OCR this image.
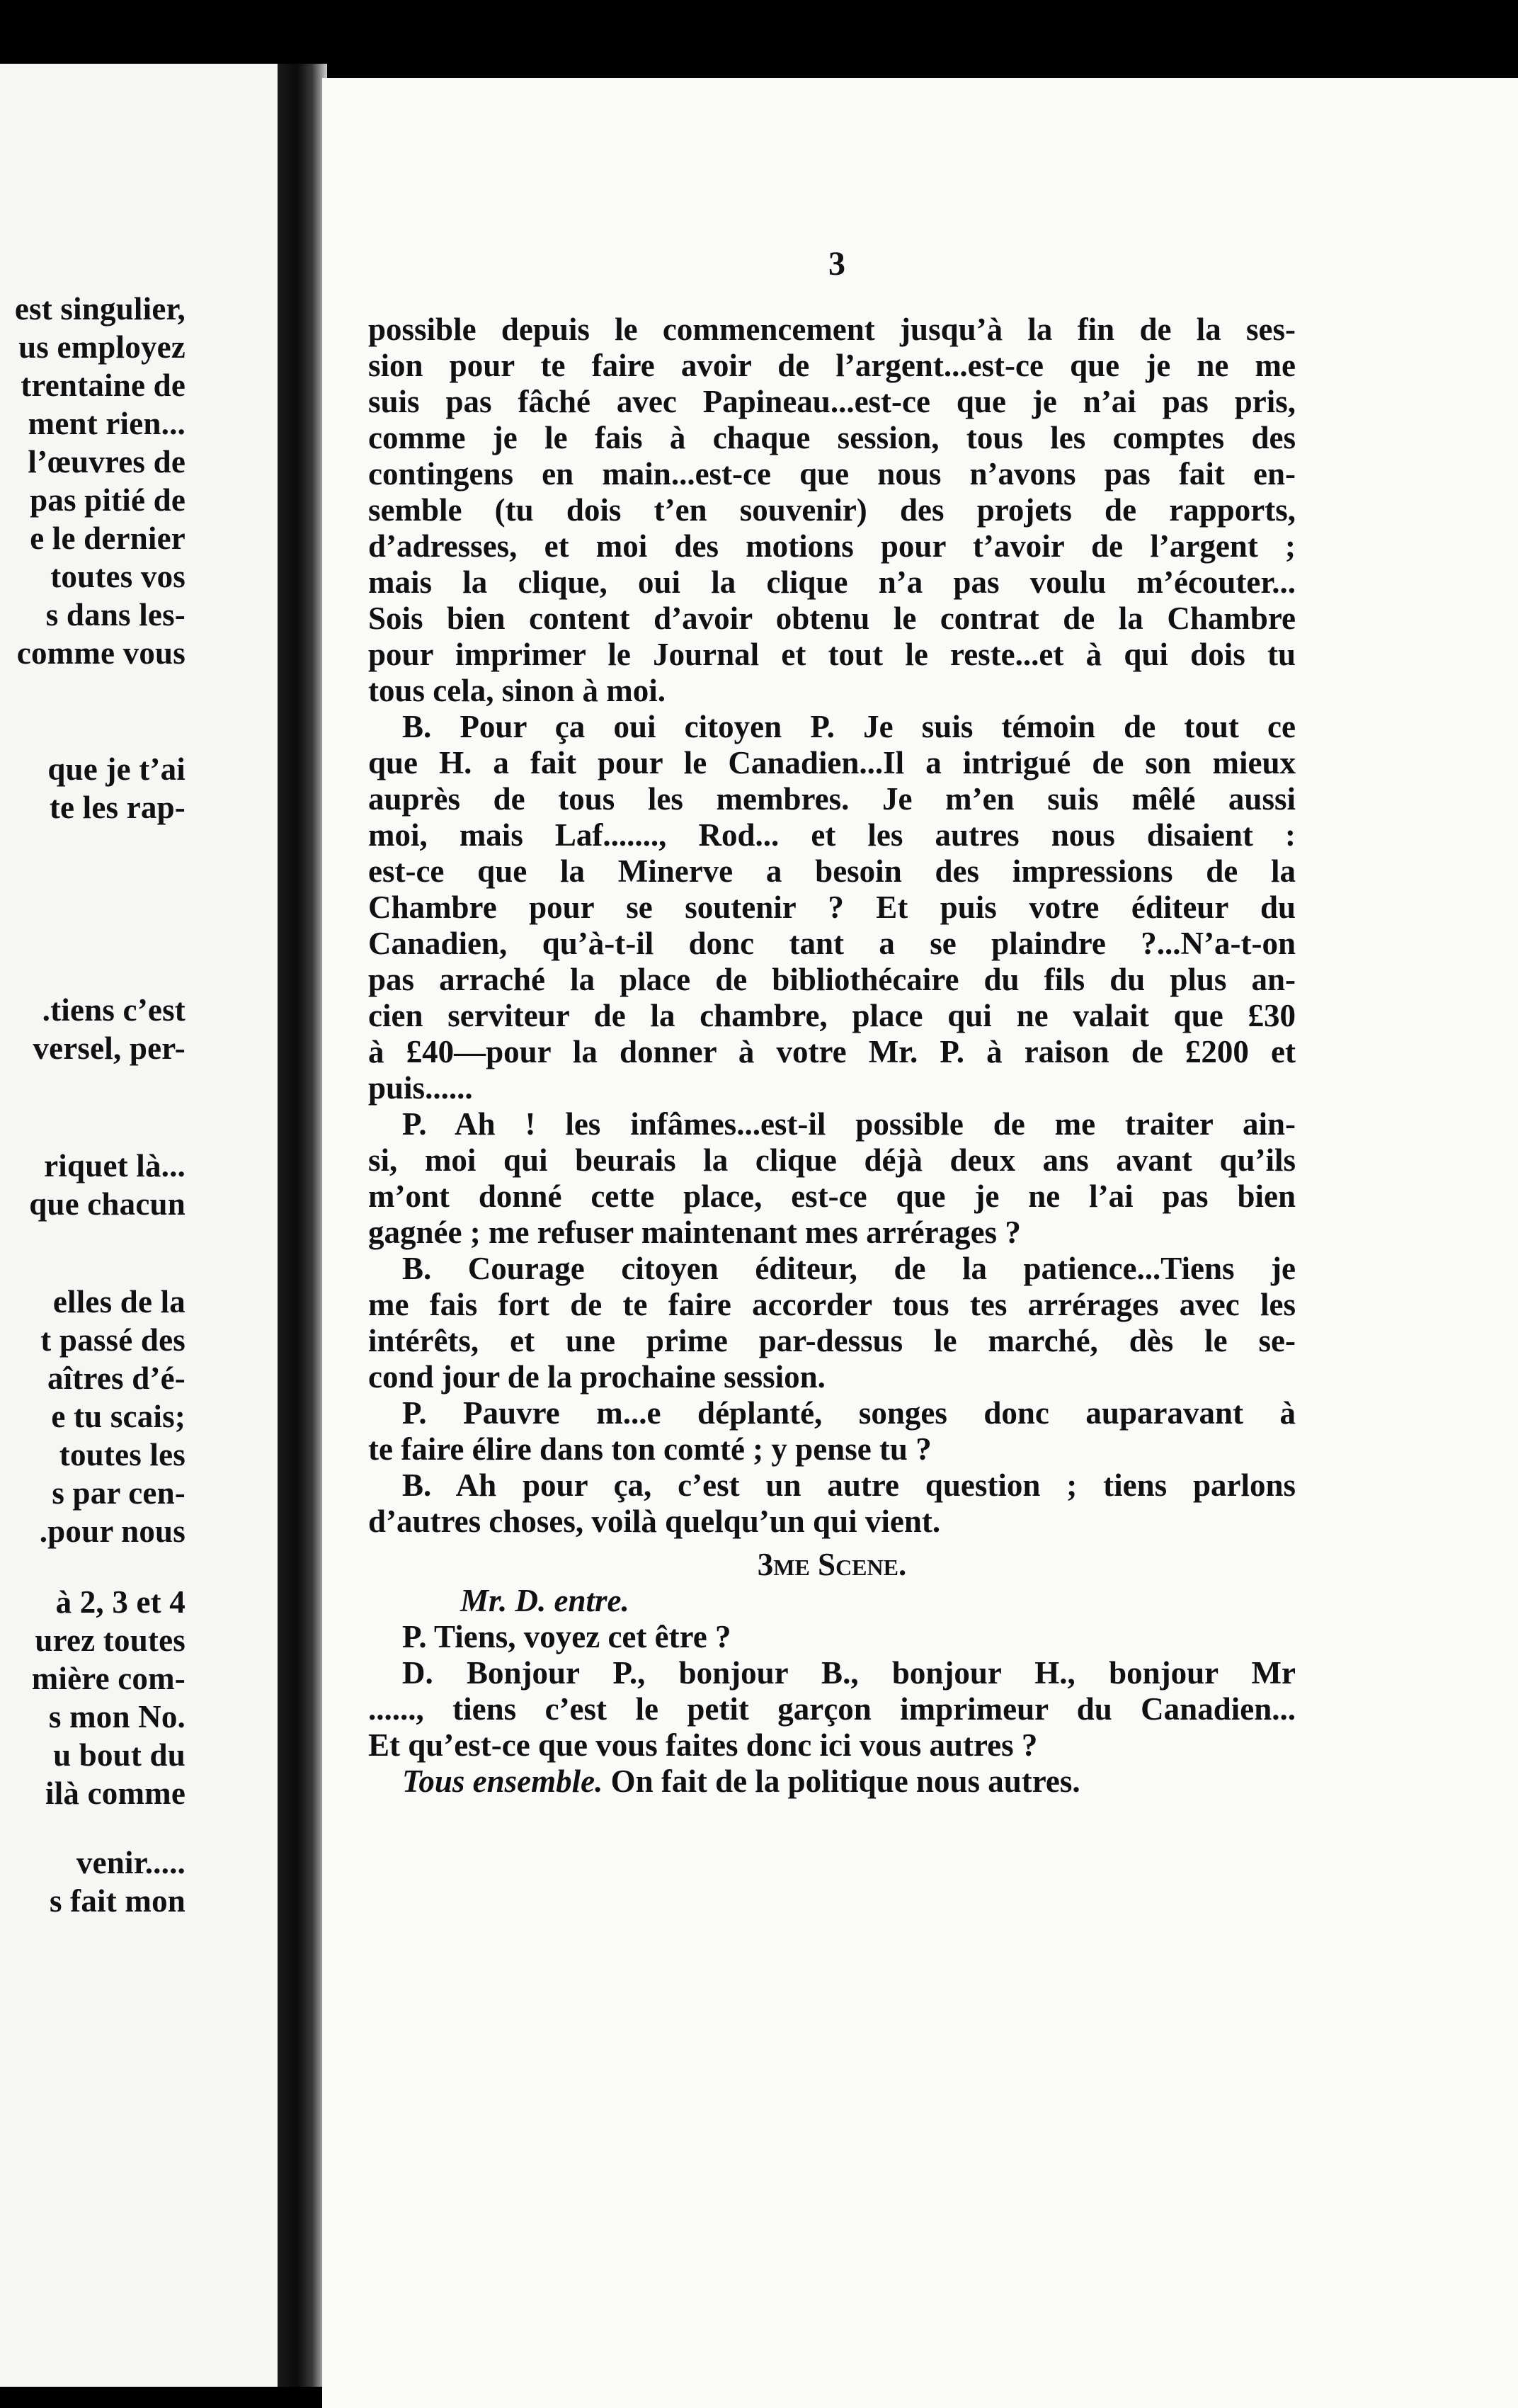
est singulier,
us employez
trentaine de
ment rien...
l’œuvres de
pas pitié de
e le dernier
toutes vos
s dans les-
comme vous
que je t’ai
te les rap-
.tiens c’est
versel, per-
riquet là...
que chacun
elles de la
t passé des
aîtres d’é-
e tu scais;
toutes les
s par cen-
.pour nous
à 2, 3 et 4
urez toutes
mière com-
s mon No.
u bout du
ilà comme
venir.....
s fait mon
3
possible depuis le commencement jusqu’à la fin de la ses-
sion pour te faire avoir de l’argent...est-ce que je ne me
suis pas fâché avec Papineau...est-ce que je n’ai pas pris,
comme je le fais à chaque session, tous les comptes des
contingens en main...est-ce que nous n’avons pas fait en-
semble (tu dois t’en souvenir) des projets de rapports,
d’adresses, et moi des motions pour t’avoir de l’argent ;
mais la clique, oui la clique n’a pas voulu m’écouter...
Sois bien content d’avoir obtenu le contrat de la Chambre
pour imprimer le Journal et tout le reste...et à qui dois tu
tous cela, sinon à moi.
B. Pour ça oui citoyen P. Je suis témoin de tout ce
que H. a fait pour le Canadien...Il a intrigué de son mieux
auprès de tous les membres. Je m’en suis mêlé aussi
moi, mais Laf......., Rod... et les autres nous disaient :
est-ce que la Minerve a besoin des impressions de la
Chambre pour se soutenir ? Et puis votre éditeur du
Canadien, qu’à-t-il donc tant a se plaindre ?...N’a-t-on
pas arraché la place de bibliothécaire du fils du plus an-
cien serviteur de la chambre, place qui ne valait que £30
à £40—pour la donner à votre Mr. P. à raison de £200 et
puis......
P. Ah ! les infâmes...est-il possible de me traiter ain-
si, moi qui beurais la clique déjà deux ans avant qu’ils
m’ont donné cette place, est-ce que je ne l’ai pas bien
gagnée ; me refuser maintenant mes arrérages ?
B. Courage citoyen éditeur, de la patience...Tiens je
me fais fort de te faire accorder tous tes arrérages avec les
intérêts, et une prime par-dessus le marché, dès le se-
cond jour de la prochaine session.
P. Pauvre m...e déplanté, songes donc auparavant à
te faire élire dans ton comté ; y pense tu ?
B. Ah pour ça, c’est un autre question ; tiens parlons
d’autres choses, voilà quelqu’un qui vient.
3me Scene.
Mr. D. entre.
P. Tiens, voyez cet être ?
D. Bonjour P., bonjour B., bonjour H., bonjour Mr
......, tiens c’est le petit garçon imprimeur du Canadien...
Et qu’est-ce que vous faites donc ici vous autres ?
Tous ensemble. On fait de la politique nous autres.
